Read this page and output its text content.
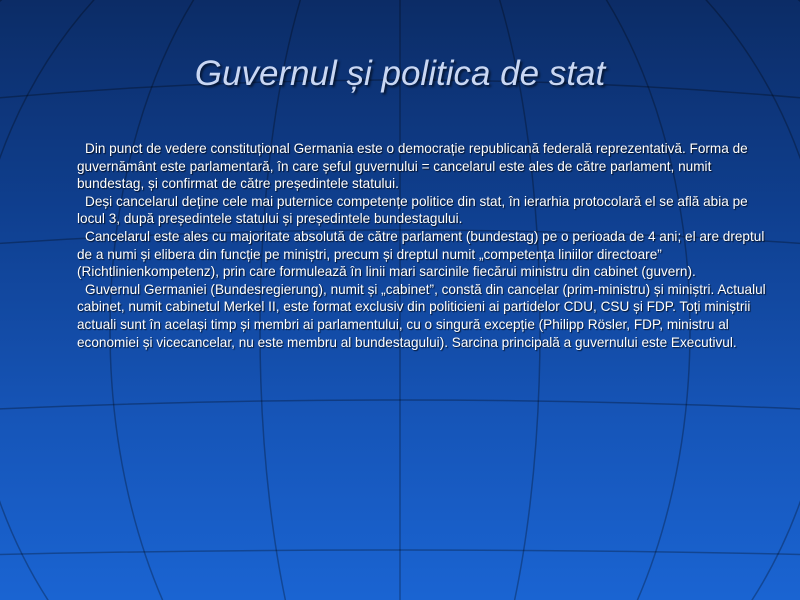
Guvernul și politica de stat

Din punct de vedere constituțional Germania este o democrație republicană federală reprezentativă. Forma de guvernământ este parlamentară, în care șeful guvernului = cancelarul este ales de către parlament, numit bundestag, și confirmat de către președintele statului.

Deși cancelarul deține cele mai puternice competențe politice din stat, în ierarhia protocolară el se află abia pe locul 3, după președintele statului și președintele bundestagului.

Cancelarul este ales cu majoritate absolută de către parlament (bundestag) pe o perioada de 4 ani; el are dreptul de a numi și elibera din funcție pe miniștri, precum și dreptul numit „competența liniilor directoare” (Richtlinienkompetenz), prin care formulează în linii mari sarcinile fiecărui ministru din cabinet (guvern).

Guvernul Germaniei (Bundesregierung), numit și „cabinet”, constă din cancelar (prim-ministru) și miniștri. Actualul cabinet, numit cabinetul Merkel II, este format exclusiv din politicieni ai partidelor CDU, CSU și FDP. Toți miniștrii actuali sunt în același timp și membri ai parlamentului, cu o singură excepție (Philipp Rösler, FDP, ministru al economiei și vicecancelar, nu este membru al bundestagului). Sarcina principală a guvernului este Executivul.
